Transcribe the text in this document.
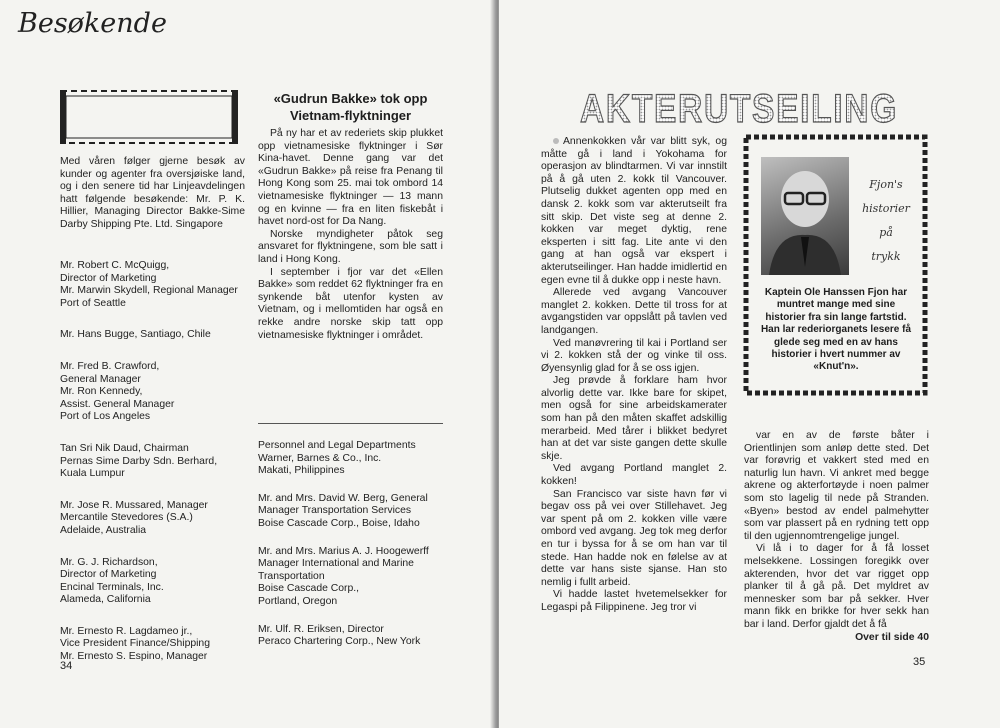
Besøkende
Med våren følger gjerne besøk av kunder og agenter fra oversjøiske land, og i den senere tid har Linjeavdelingen hatt følgende besøkende: Mr. P. K. Hillier, Managing Director Bakke-Sime Darby Shipping Pte. Ltd. Singapore
Mr. Robert C. McQuigg,
Director of Marketing
Mr. Marwin Skydell, Regional Manager
Port of Seattle
Mr. Hans Bugge, Santiago, Chile
Mr. Fred B. Crawford,
General Manager
Mr. Ron Kennedy,
Assist. General Manager
Port of Los Angeles
Tan Sri Nik Daud, Chairman
Pernas Sime Darby Sdn. Berhard,
Kuala Lumpur
Mr. Jose R. Mussared, Manager
Mercantile Stevedores (S.A.)
Adelaide, Australia
Mr. G. J. Richardson,
Director of Marketing
Encinal Terminals, Inc.
Alameda, California
Mr. Ernesto R. Lagdameo jr.,
Vice President Finance/Shipping
Mr. Ernesto S. Espino, Manager
«Gudrun Bakke» tok opp
Vietnam-flyktninger

På ny har et av rederiets skip plukket opp vietnamesiske flyktninger i Sør Kina-havet. Denne gang var det «Gudrun Bakke» på reise fra Penang til Hong Kong som 25. mai tok ombord 14 vietnamesiske flyktninger — 13 mann og en kvinne — fra en liten fiskebåt i havet nord-ost for Da Nang.

Norske myndigheter påtok seg ansvaret for flyktningene, som ble satt i land i Hong Kong.

I september i fjor var det «Ellen Bakke» som reddet 62 flyktninger fra en synkende båt utenfor kysten av Vietnam, og i mellomtiden har også en rekke andre norske skip tatt opp vietnamesiske flyktninger i området.

Personnel and Legal Departments
Warner, Barnes & Co., Inc.
Makati, Philippines
Mr. and Mrs. David W. Berg, General
Manager Transportation Services
Boise Cascade Corp., Boise, Idaho
Mr. and Mrs. Marius A. J. Hoogewerff
Manager International and Marine
Transportation
Boise Cascade Corp.,
Portland, Oregon
Mr. Ulf. R. Eriksen, Director
Peraco Chartering Corp., New York
34
AKTERUTSEILING

Annenkokken vår var blitt syk, og måtte gå i land i Yokohama for operasjon av blindtarmen. Vi var innstilt på å gå uten 2. kokk til Vancouver. Plutselig dukket agenten opp med en dansk 2. kokk som var akterutseilt fra sitt skip. Det viste seg at denne 2. kokken var meget dyktig, rene eksperten i sitt fag. Lite ante vi den gang at han også var ekspert i akterutseilinger. Han hadde imidlertid en egen evne til å dukke opp i neste havn.

Allerede ved avgang Vancouver manglet 2. kokken. Dette til tross for at avgangstiden var oppslått på tavlen ved landgangen.

Ved manøvrering til kai i Portland ser vi 2. kokken stå der og vinke til oss. Øyensynlig glad for å se oss igjen.

Jeg prøvde å forklare ham hvor alvorlig dette var. Ikke bare for skipet, men også for sine arbeidskamerater som han på den måten skaffet adskillig merarbeid. Med tårer i blikket bedyret han at det var siste gangen dette skulle skje.

Ved avgang Portland manglet 2. kokken!

San Francisco var siste havn før vi begav oss på vei over Stillehavet. Jeg var spent på om 2. kokken ville være ombord ved avgang. Jeg tok meg derfor en tur i byssa for å se om han var til stede. Han hadde nok en følelse av at dette var hans siste sjanse. Han sto nemlig i fullt arbeid.

Vi hadde lastet hvetemelsekker for Legaspi på Filippinene. Jeg tror vi

Fjon's
historier
på
trykk
Kaptein Ole Hanssen Fjon har muntret mange med sine historier fra sin lange fartstid. Han lar rederiorganets lesere få glede seg med en av hans historier i hvert nummer av «Knut'n».

var en av de første båter i Orientlinjen som anløp dette sted. Det var forøvrig et vakkert sted med en naturlig lun havn. Vi ankret med begge akrene og akterfortøyde i noen palmer som sto lagelig til nede på Stranden. «Byen» bestod av endel palmehytter som var plassert på en rydning tett opp til den ugjennomtrengelige jungel.

Vi lå i to dager for å få losset melsekkene. Lossingen foregikk over akterenden, hvor det var rigget opp planker til å gå på. Det myldret av mennesker som bar på sekker. Hver mann fikk en brikke for hver sekk han bar i land. Derfor gjaldt det å få

Over til side 40
35
